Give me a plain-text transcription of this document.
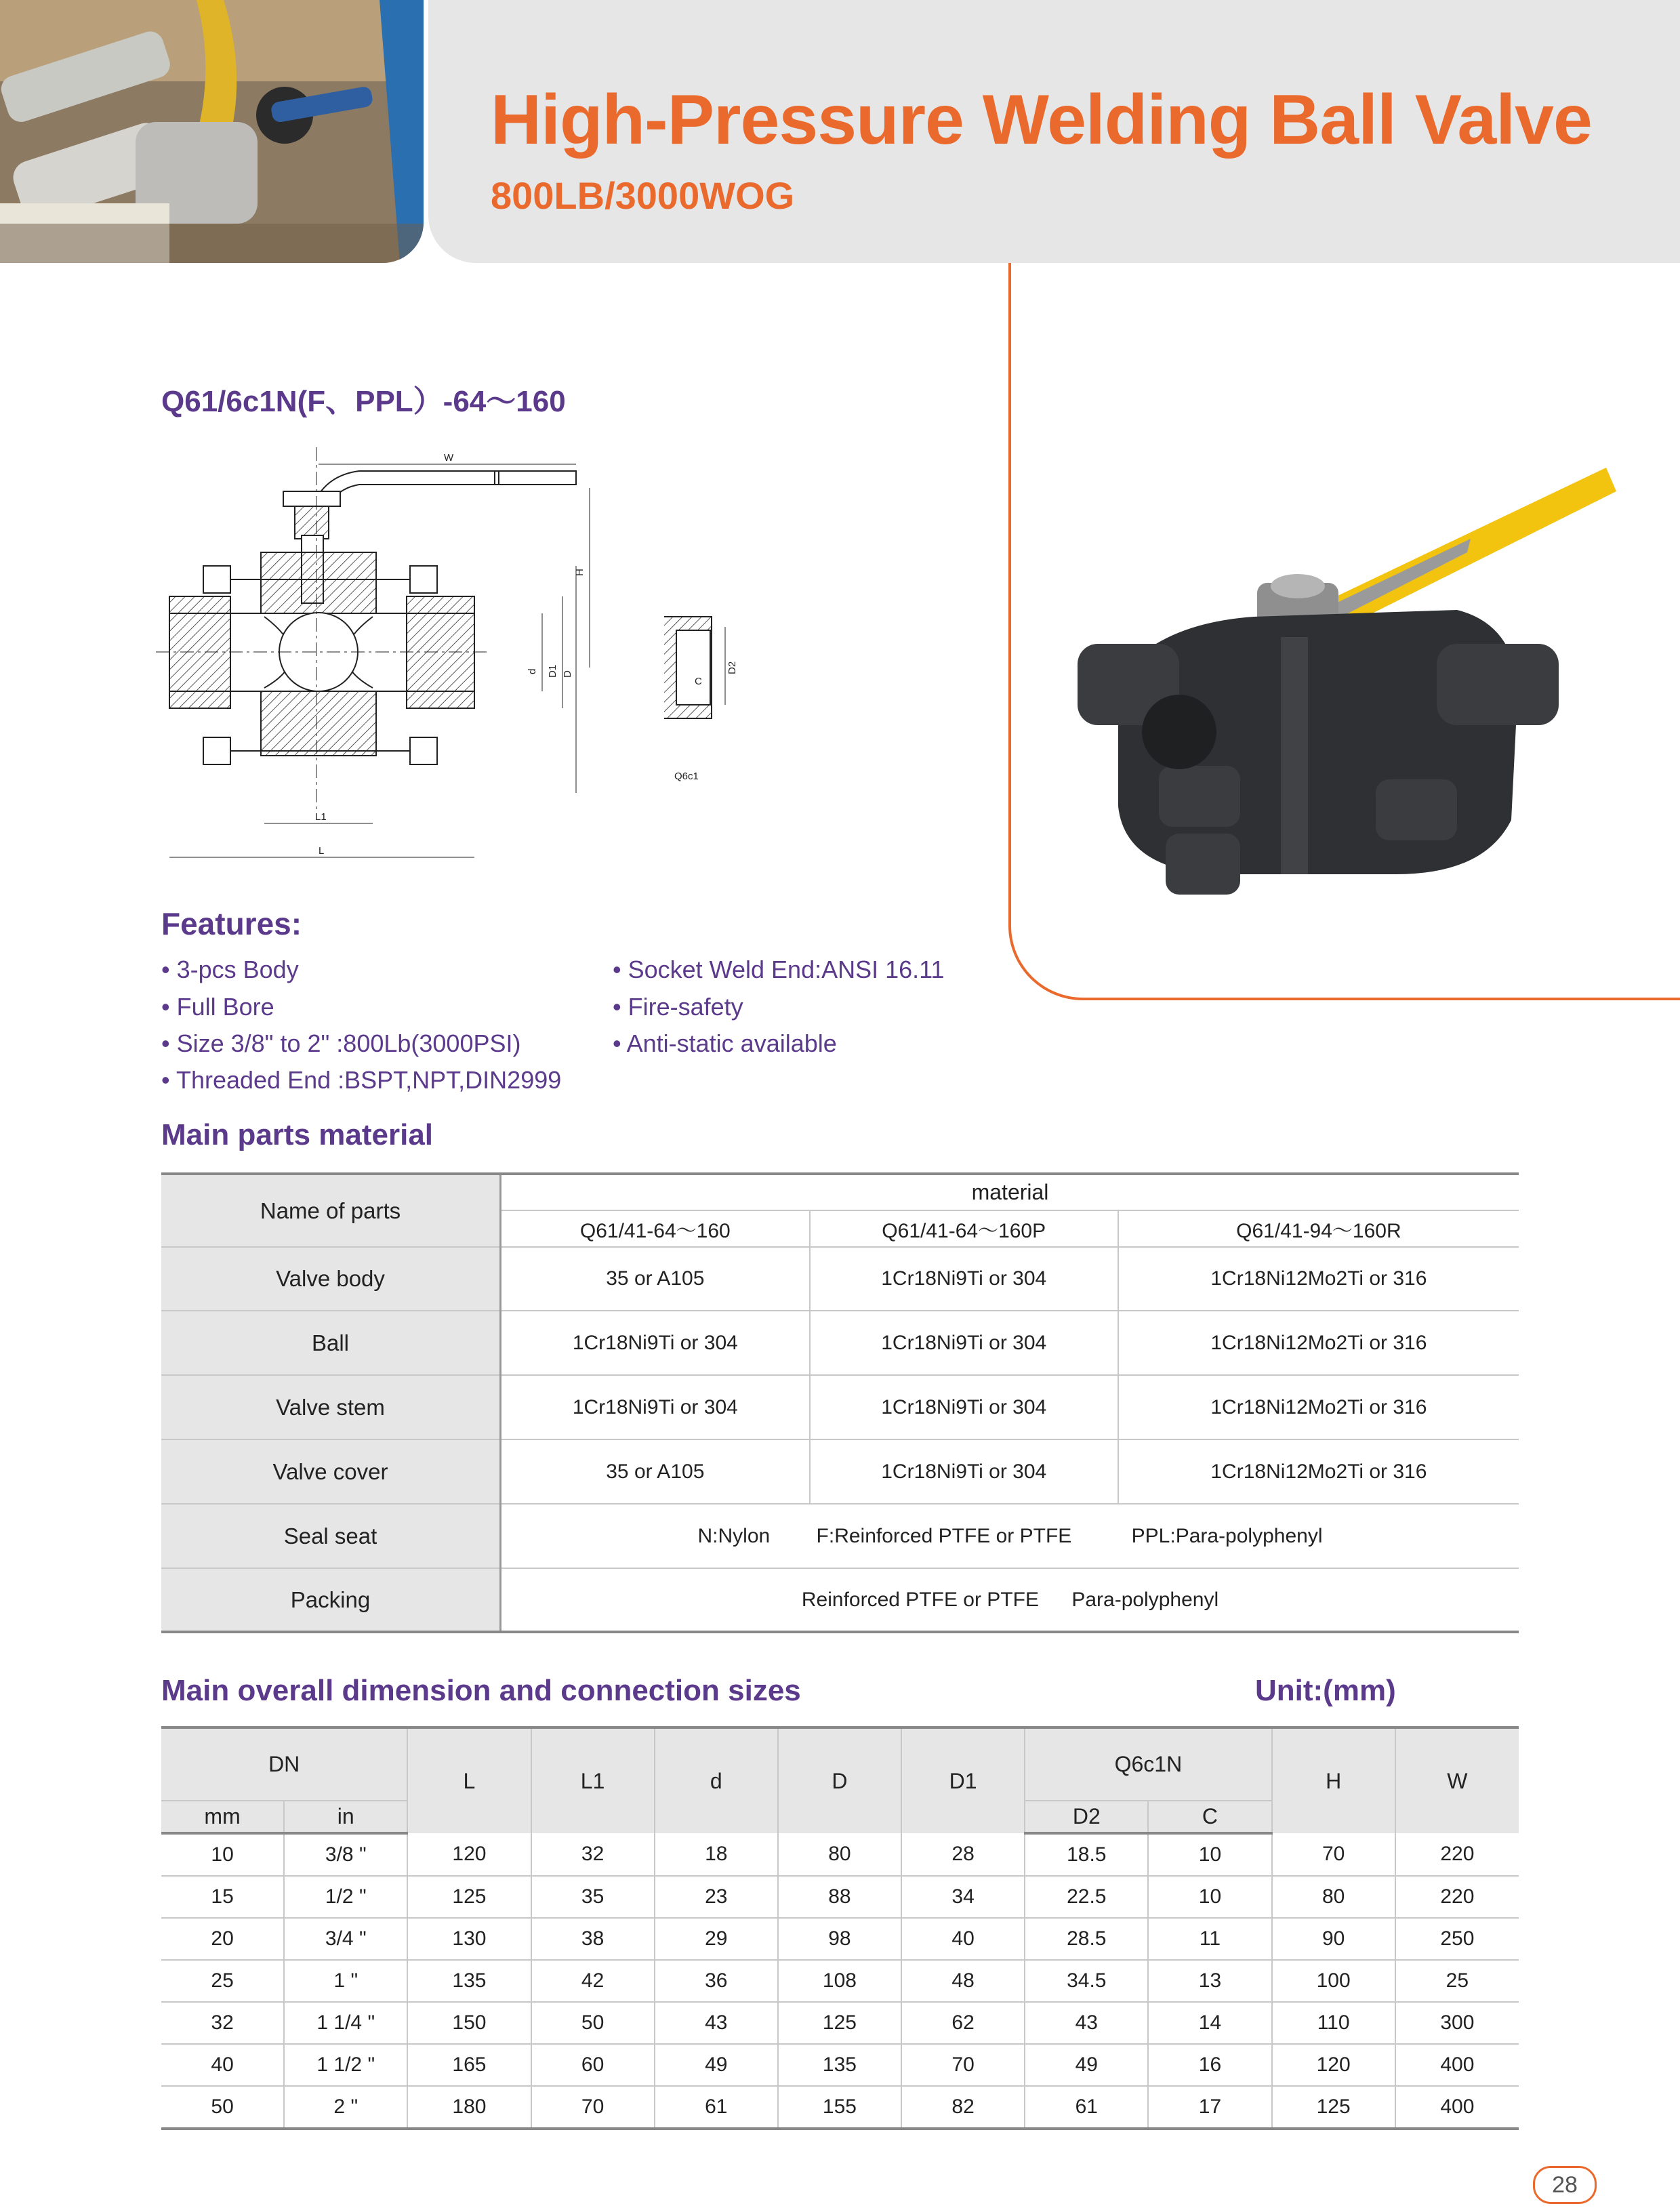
High-Pressure Welding Ball Valve
800LB/3000WOG
Q61/6c1N(F、PPL）-64～160
W
H
d D1 D
L1
L
C
D2
Q6c1
Features:
• 3-pcs Body
• Full Bore
• Size 3/8" to 2" :800Lb(3000PSI)
• Threaded End :BSPT,NPT,DIN2999
• Socket Weld End:ANSI 16.11
• Fire-safety
• Anti-static available
Main parts material
Name of parts	material		
	Q61/41-64～160	Q61/41-64～160P	Q61/41-94～160R
Valve body	35 or A105	1Cr18Ni9Ti or 304	1Cr18Ni12Mo2Ti or 316
Ball	1Cr18Ni9Ti or 304	1Cr18Ni9Ti or 304	1Cr18Ni12Mo2Ti or 316
Valve stem	1Cr18Ni9Ti or 304	1Cr18Ni9Ti or 304	1Cr18Ni12Mo2Ti or 316
Valve cover	35 or A105	1Cr18Ni9Ti or 304	1Cr18Ni12Mo2Ti or 316
Seal seat	N:Nylon F:Reinforced PTFE or PTFE PPL:Para-polyphenyl		
Packing	Reinforced PTFE or PTFE Para-polyphenyl		
Main overall dimension and connection sizes	Unit:(mm)
DN		L	L1	d	D	D1	Q6c1N		H	W
mm	in						D2	C		
10	3/8 "	120	32	18	80	28	18.5	10	70	220
15	1/2 "	125	35	23	88	34	22.5	10	80	220
20	3/4 "	130	38	29	98	40	28.5	11	90	250
25	1 "	135	42	36	108	48	34.5	13	100	25
32	1 1/4 "	150	50	43	125	62	43	14	110	300
40	1 1/2 "	165	60	49	135	70	49	16	120	400
50	2 "	180	70	61	155	82	61	17	125	400
28
